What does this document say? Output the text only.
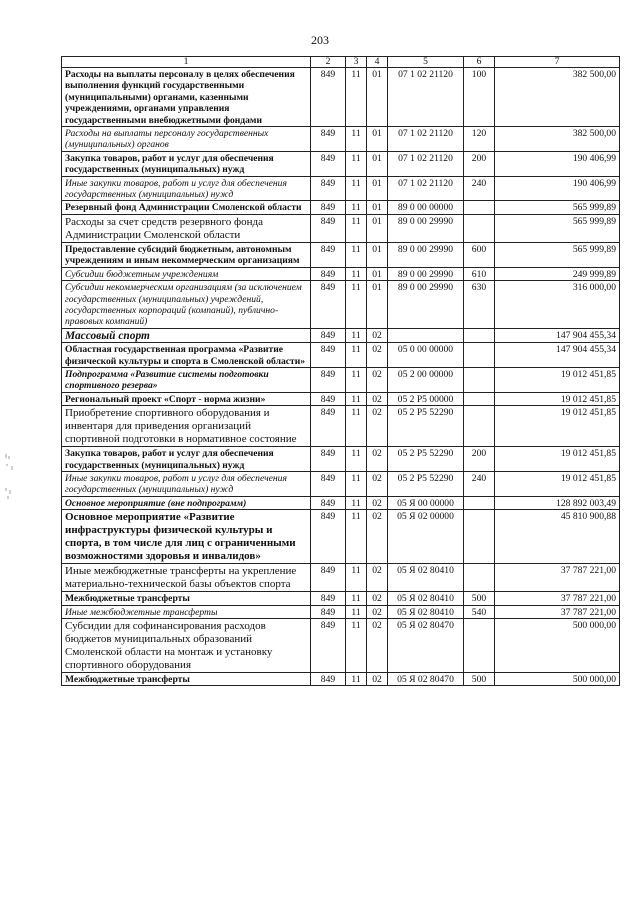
203
1	2	3	4	5	6	7
Расходы на выплаты персоналу в целях обеспечения выполнения функций государственными (муниципальными) органами, казенными учреждениями, органами управления государственными внебюджетными фондами	849	11	01	07 1 02 21120	100	382 500,00
Расходы на выплаты персоналу государственных (муниципальных) органов	849	11	01	07 1 02 21120	120	382 500,00
Закупка товаров, работ и услуг для обеспечения государственных (муниципальных) нужд	849	11	01	07 1 02 21120	200	190 406,99
Иные закупки товаров, работ и услуг для обеспечения государственных (муниципальных) нужд	849	11	01	07 1 02 21120	240	190 406,99
Резервный фонд Администрации Смоленской области	849	11	01	89 0 00 00000		565 999,89
Расходы за счет средств резервного фонда Администрации Смоленской области	849	11	01	89 0 00 29990		565 999,89
Предоставление субсидий бюджетным, автономным учреждениям и иным некоммерческим организациям	849	11	01	89 0 00 29990	600	565 999,89
Субсидии бюджетным учреждениям	849	11	01	89 0 00 29990	610	249 999,89
Субсидии некоммерческим организациям (за исключением государственных (муниципальных) учреждений, государственных корпораций (компаний), публично-правовых компаний)	849	11	01	89 0 00 29990	630	316 000,00
Массовый спорт	849	11	02			147 904 455,34
Областная государственная программа «Развитие физической культуры и спорта в Смоленской области»	849	11	02	05 0 00 00000		147 904 455,34
Подпрограмма «Развитие системы подготовки спортивного резерва»	849	11	02	05 2 00 00000		19 012 451,85
Региональный проект «Спорт - норма жизни»	849	11	02	05 2 P5 00000		19 012 451,85
Приобретение спортивного оборудования и инвентаря для приведения организаций спортивной подготовки в нормативное состояние	849	11	02	05 2 P5 52290		19 012 451,85
Закупка товаров, работ и услуг для обеспечения государственных (муниципальных) нужд	849	11	02	05 2 P5 52290	200	19 012 451,85
Иные закупки товаров, работ и услуг для обеспечения государственных (муниципальных) нужд	849	11	02	05 2 P5 52290	240	19 012 451,85
Основное мероприятие (вне подпрограмм)	849	11	02	05 Я 00 00000		128 892 003,49
Основное мероприятие «Развитие инфраструктуры физической культуры и спорта, в том числе для лиц с ограниченными возможностями здоровья и инвалидов»	849	11	02	05 Я 02 00000		45 810 900,88
Иные межбюджетные трансферты на укрепление материально-технической базы объектов спорта	849	11	02	05 Я 02 80410		37 787 221,00
Межбюджетные трансферты	849	11	02	05 Я 02 80410	500	37 787 221,00
Иные межбюджетные трансферты	849	11	02	05 Я 02 80410	540	37 787 221,00
Субсидии для софинансирования расходов бюджетов муниципальных образований Смоленской области на монтаж и установку спортивного оборудования	849	11	02	05 Я 02 80470		500 000,00
Межбюджетные трансферты	849	11	02	05 Я 02 80470	500	500 000,00
